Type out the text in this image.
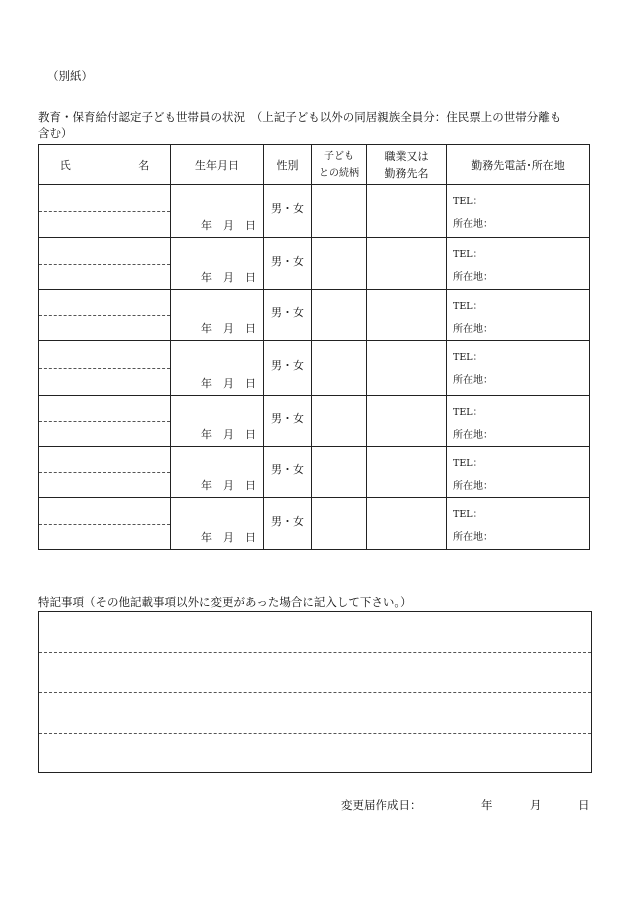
（別紙）
教育・保育給付認定子ども世帯員の状況　（上記子ども以外の同居親族全員分：住民票上の世帯分離も
含む）
氏 名	生年月日	性別	子ども
との続柄	職業又は
勤務先名	勤務先電話･所在地

	年　月　日	男・女			TEL：
所在地：

	年　月　日	男・女			TEL：
所在地：

	年　月　日	男・女			TEL：
所在地：

	年　月　日	男・女			TEL：
所在地：

	年　月　日	男・女			TEL：
所在地：

	年　月　日	男・女			TEL：
所在地：

	年　月　日	男・女			TEL：
所在地：
特記事項（その他記載事項以外に変更があった場合に記入して下さい。）
変更届作成日：	年	月	日
